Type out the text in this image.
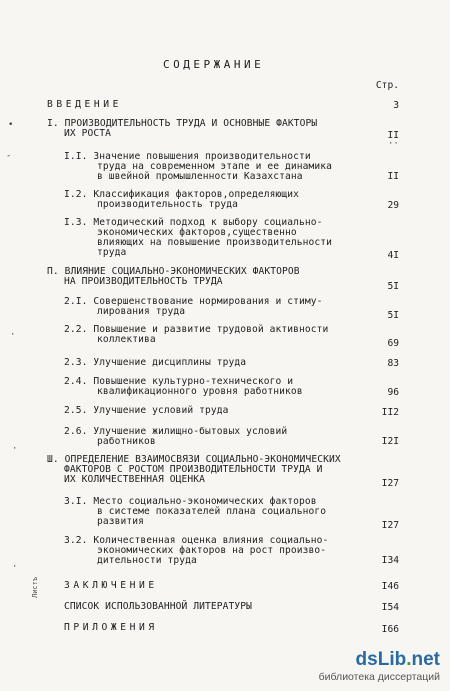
СОДЕРЖАНИЕ
Стр.
ВВЕДЕНИЕ	3
I. ПРОИЗВОДИТЕЛЬНОСТЬ ТРУДА И ОСНОВНЫЕ ФАКТОРЫ
ИХ РОСТА	II
··
I.I. Значение повышения производительности
труда на современном этапе и ее динамика
в швейной промышленности Казахстана	II
I.2. Классификация факторов,определяющих
производительность труда	29
I.3. Методический подход к выбору социально-
экономических факторов,существенно
влияющих на повышение производительности
труда	4I
П. ВЛИЯНИЕ СОЦИАЛЬНО-ЭКОНОМИЧЕСКИХ ФАКТОРОВ
НА ПРОИЗВОДИТЕЛЬНОСТЬ ТРУДА	5I
2.I. Совершенствование нормирования и стиму-
лирования труда	5I
2.2. Повышение и развитие трудовой активности
коллектива	69
2.3. Улучшение дисциплины труда	83
2.4. Повышение культурно-технического и
квалификационного уровня работников	96
2.5. Улучшение условий труда	II2
2.6. Улучшение жилищно-бытовых условий
работников	I2I
Ш. ОПРЕДЕЛЕНИЕ ВЗАИМОСВЯЗИ СОЦИАЛЬНО-ЭКОНОМИЧЕСКИХ
ФАКТОРОВ С РОСТОМ ПРОИЗВОДИТЕЛЬНОСТИ ТРУДА И
ИХ КОЛИЧЕСТВЕННАЯ ОЦЕНКА	I27
3.I. Место социально-экономических факторов
в системе показателей плана социального
развития	I27
3.2. Количественная оценка влияния социально-
экономических факторов на рост произво-
дительности труда	I34
ЗАКЛЮЧЕНИЕ	I46
СПИСОК ИСПОЛЬЗОВАННОЙ ЛИТЕРАТУРЫ	I54
ПРИЛОЖЕНИЯ	I66
•
-
·
·
·
Листъ
dsLib.net
библиотека диссертаций
